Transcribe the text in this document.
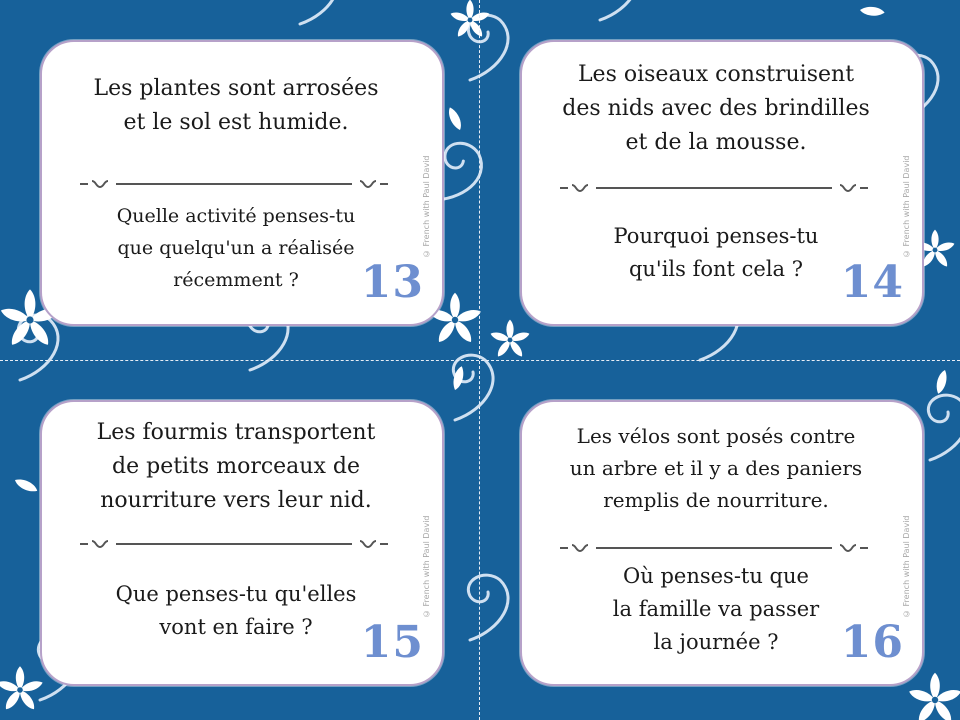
Les plantes sont arrosées
et le sol est humide.
Quelle activité penses-tu
que quelqu'un a réalisée
récemment ?
© French with Paul David
13
Les oiseaux construisent
des nids avec des brindilles
et de la mousse.
Pourquoi penses-tu
qu'ils font cela ?
© French with Paul David
14
Les fourmis transportent
de petits morceaux de
nourriture vers leur nid.
Que penses-tu qu'elles
vont en faire ?
© French with Paul David
15
Les vélos sont posés contre
un arbre et il y a des paniers
remplis de nourriture.
Où penses-tu que
la famille va passer
la journée ?
© French with Paul David
16
